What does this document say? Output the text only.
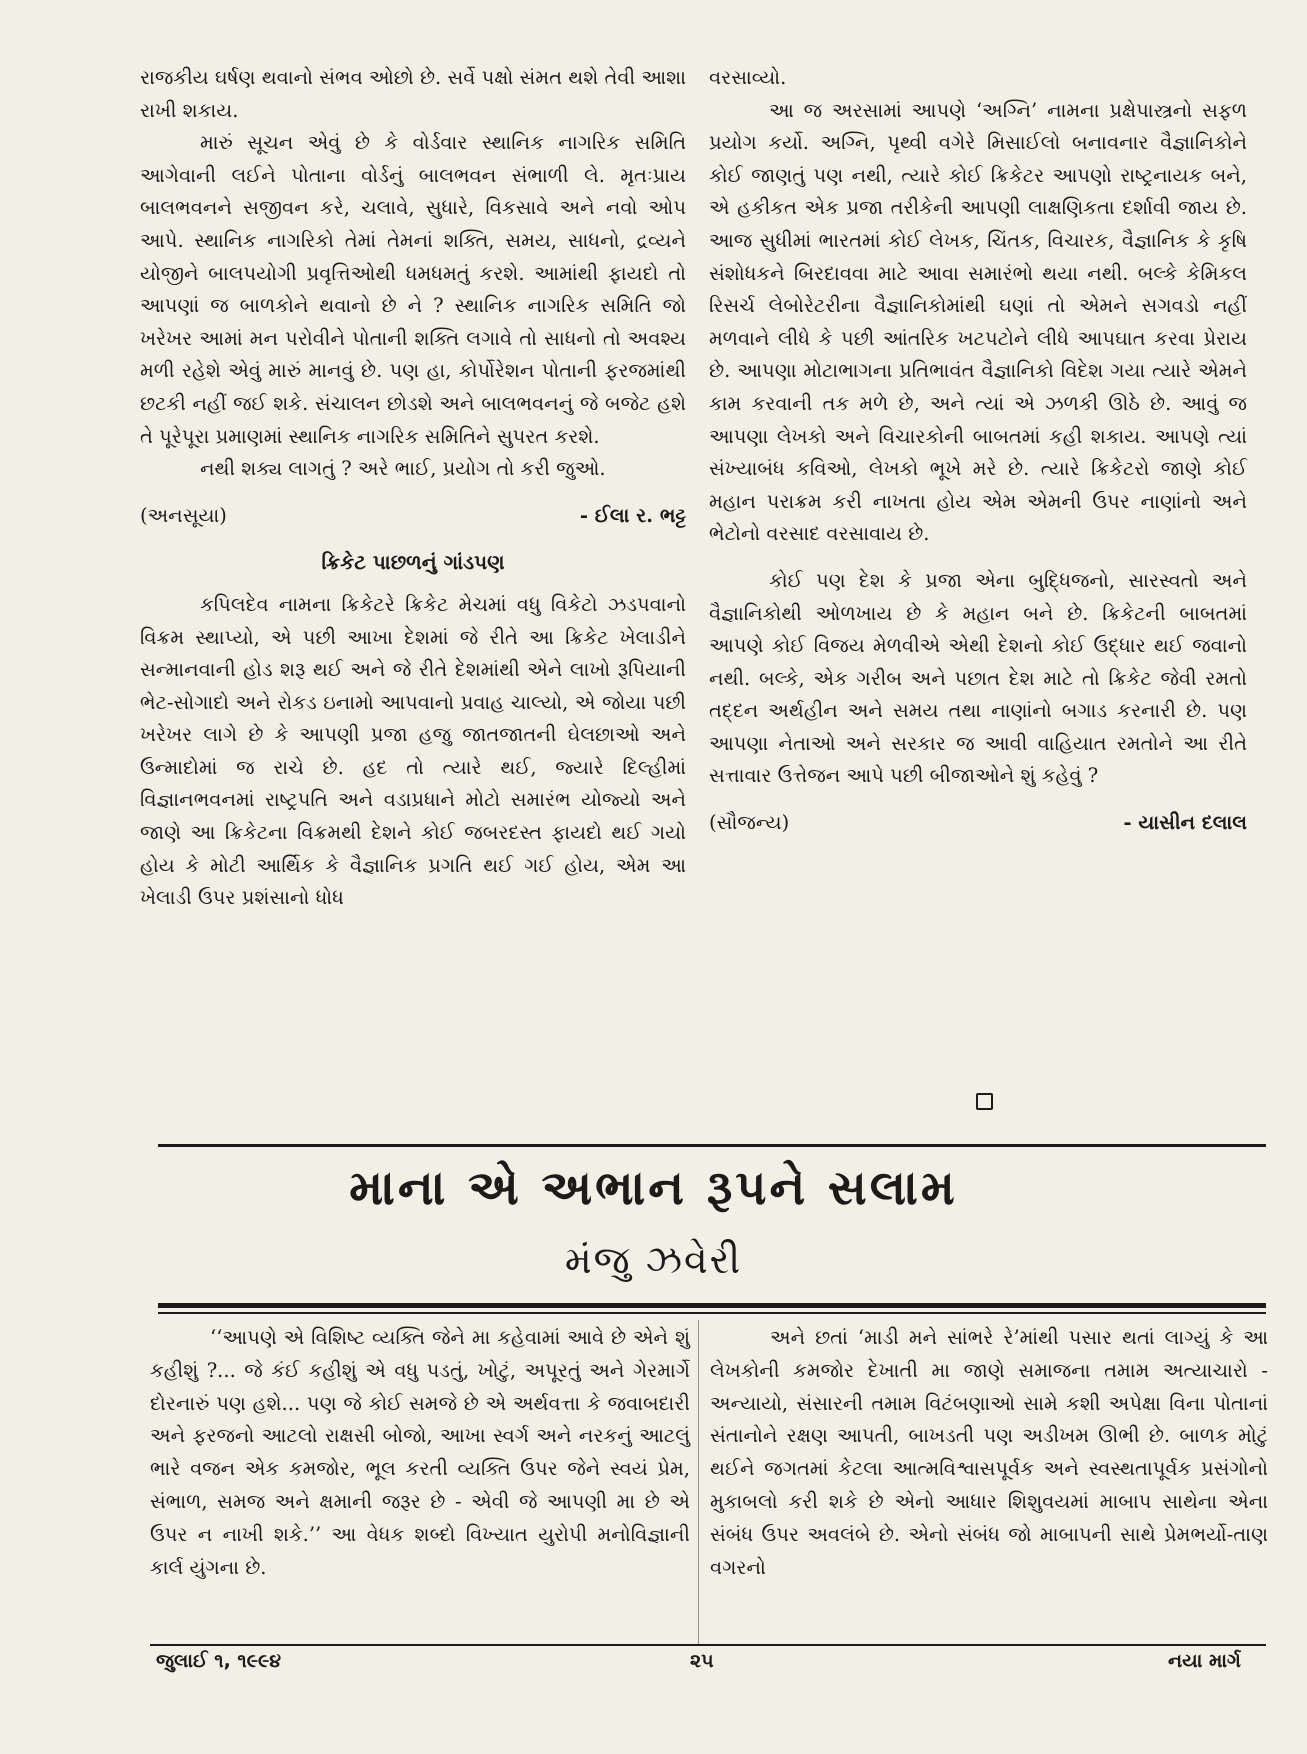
રાજકીય ઘર્ષણ થવાનો સંભવ ઓછો છે. સર્વે પક્ષો સંમત થશે તેવી આશા રાખી શકાય.

મારું સૂચન એવું છે કે વોર્ડવાર સ્થાનિક નાગરિક સમિતિ આગેવાની લઈને પોતાના વોર્ડનું બાલભવન સંભાળી લે. મૃતઃપ્રાય બાલભવનને સજીવન કરે, ચલાવે, સુધારે, વિકસાવે અને નવો ઓપ આપે. સ્થાનિક નાગરિકો તેમાં તેમનાં શક્તિ, સમય, સાધનો, દ્રવ્યને યોજીને બાલપયોગી પ્રવૃત્તિઓથી ધમધમતું કરશે. આમાંથી ફાયદો તો આપણાં જ બાળકોને થવાનો છે ને ? સ્થાનિક નાગરિક સમિતિ જો ખરેખર આમાં મન પરોવીને પોતાની શક્તિ લગાવે તો સાધનો તો અવશ્ય મળી રહેશે એવું મારું માનવું છે. પણ હા, કોર્પોરેશન પોતાની ફરજમાંથી છટકી નહીં જઈ શકે. સંચાલન છોડશે અને બાલભવનનું જે બજેટ હશે તે પૂરેપૂરા પ્રમાણમાં સ્થાનિક નાગરિક સમિતિને સુપરત કરશે.

નથી શક્ય લાગતું ? અરે ભાઈ, પ્રયોગ તો કરી જુઓ.

(અનસૂયા)	- ઈલા ર. ભટ્ટ
ક્રિકેટ પાછળનું ગાંડપણ

કપિલદેવ નામના ક્રિકેટરે ક્રિકેટ મેચમાં વધુ વિકેટો ઝડપવાનો વિક્રમ સ્થાપ્યો, એ પછી આખા દેશમાં જે રીતે આ ક્રિકેટ ખેલાડીને સન્માનવાની હોડ શરૂ થઈ અને જે રીતે દેશમાંથી એને લાખો રૂપિયાની ભેટ-સોગાદો અને રોકડ ઇનામો આપવાનો પ્રવાહ ચાલ્યો, એ જોયા પછી ખરેખર લાગે છે કે આપણી પ્રજા હજુ જાતજાતની ઘેલછાઓ અને ઉન્માદોમાં જ રાચે છે. હદ તો ત્યારે થઈ, જ્યારે દિલ્હીમાં વિજ્ઞાનભવનમાં રાષ્ટ્રપતિ અને વડાપ્રધાને મોટો સમારંભ યોજ્યો અને જાણે આ ક્રિકેટના વિક્રમથી દેશને કોઈ જબરદસ્ત ફાયદો થઈ ગયો હોય કે મોટી આર્થિક કે વૈજ્ઞાનિક પ્રગતિ થઈ ગઈ હોય, એમ આ ખેલાડી ઉપર પ્રશંસાનો ધોધ

વરસાવ્યો.

આ જ અરસામાં આપણે ‘અગ્નિ’ નામના પ્રક્ષેપાસ્ત્રનો સફળ પ્રયોગ કર્યો. અગ્નિ, પૃથ્વી વગેરે મિસાઈલો બનાવનાર વૈજ્ઞાનિકોને કોઈ જાણતું પણ નથી, ત્યારે કોઈ ક્રિકેટર આપણો રાષ્ટ્રનાયક બને, એ હકીકત એક પ્રજા તરીકેની આપણી લાક્ષણિકતા દર્શાવી જાય છે. આજ સુધીમાં ભારતમાં કોઈ લેખક, ચિંતક, વિચારક, વૈજ્ઞાનિક કે કૃષિ સંશોધકને બિરદાવવા માટે આવા સમારંભો થયા નથી. બલ્કે કેમિકલ રિસર્ચ લેબોરેટરીના વૈજ્ઞાનિકોમાંથી ઘણાં તો એમને સગવડો નહીં મળવાને લીધે કે પછી આંતરિક ખટપટોને લીધે આપઘાત કરવા પ્રેરાય છે. આપણા મોટાભાગના પ્રતિભાવંત વૈજ્ઞાનિકો વિદેશ ગયા ત્યારે એમને કામ કરવાની તક મળે છે, અને ત્યાં એ ઝળકી ઊઠે છે. આવું જ આપણા લેખકો અને વિચારકોની બાબતમાં કહી શકાય. આપણે ત્યાં સંખ્યાબંધ કવિઓ, લેખકો ભૂખે મરે છે. ત્યારે ક્રિકેટરો જાણે કોઈ મહાન પરાક્રમ કરી નાખતા હોય એમ એમની ઉપર નાણાંનો અને ભેટોનો વરસાદ વરસાવાય છે.

કોઈ પણ દેશ કે પ્રજા એના બુદ્ધિજનો, સારસ્વતો અને વૈજ્ઞાનિકોથી ઓળખાય છે કે મહાન બને છે. ક્રિકેટની બાબતમાં આપણે કોઈ વિજય મેળવીએ એથી દેશનો કોઈ ઉદ્ધાર થઈ જવાનો નથી. બલ્કે, એક ગરીબ અને પછાત દેશ માટે તો ક્રિકેટ જેવી રમતો તદ્દન અર્થહીન અને સમય તથા નાણાંનો બગાડ કરનારી છે. પણ આપણા નેતાઓ અને સરકાર જ આવી વાહિયાત રમતોને આ રીતે સત્તાવાર ઉત્તેજન આપે પછી બીજાઓને શું કહેવું ?

(સૌજન્ય)	- યાસીન દલાલ
માના એ અભાન રૂપને સલામ
મંજુ ઝવેરી

‘‘આપણે એ વિશિષ્ટ વ્યક્તિ જેને મા કહેવામાં આવે છે એને શું કહીશું ?... જે કંઈ કહીશું એ વધુ પડતું, ખોટું, અપૂરતું અને ગેરમાર્ગે દોરનારું પણ હશે... પણ જે કોઈ સમજે છે એ અર્થવત્તા કે જવાબદારી અને ફરજનો આટલો રાક્ષસી બોજો, આખા સ્વર્ગ અને નરકનું આટલું ભારે વજન એક કમજોર, ભૂલ કરતી વ્યક્તિ ઉપર જેને સ્વયં પ્રેમ, સંભાળ, સમજ અને ક્ષમાની જરૂર છે - એવી જે આપણી મા છે એ ઉપર ન નાખી શકે.’’ આ વેધક શબ્દો વિખ્યાત યુરોપી મનોવિજ્ઞાની કાર્લ યુંગના છે.

અને છતાં ‘માડી મને સાંભરે રે’માંથી પસાર થતાં લાગ્યું કે આ લેખકોની કમજોર દેખાતી મા જાણે સમાજના તમામ અત્યાચારો - અન્યાયો, સંસારની તમામ વિટંબણાઓ સામે કશી અપેક્ષા વિના પોતાનાં સંતાનોને રક્ષણ આપતી, બાખડતી પણ અડીખમ ઊભી છે. બાળક મોટું થઈને જગતમાં કેટલા આત્મવિશ્વાસપૂર્વક અને સ્વસ્થતાપૂર્વક પ્રસંગોનો મુકાબલો કરી શકે છે એનો આધાર શિશુવયમાં માબાપ સાથેના એના સંબંધ ઉપર અવલંબે છે. એનો સંબંધ જો માબાપની સાથે પ્રેમભર્યો-તાણ વગરનો

જુલાઈ ૧, ૧૯૯૪	૨૫	નયા માર્ગ
